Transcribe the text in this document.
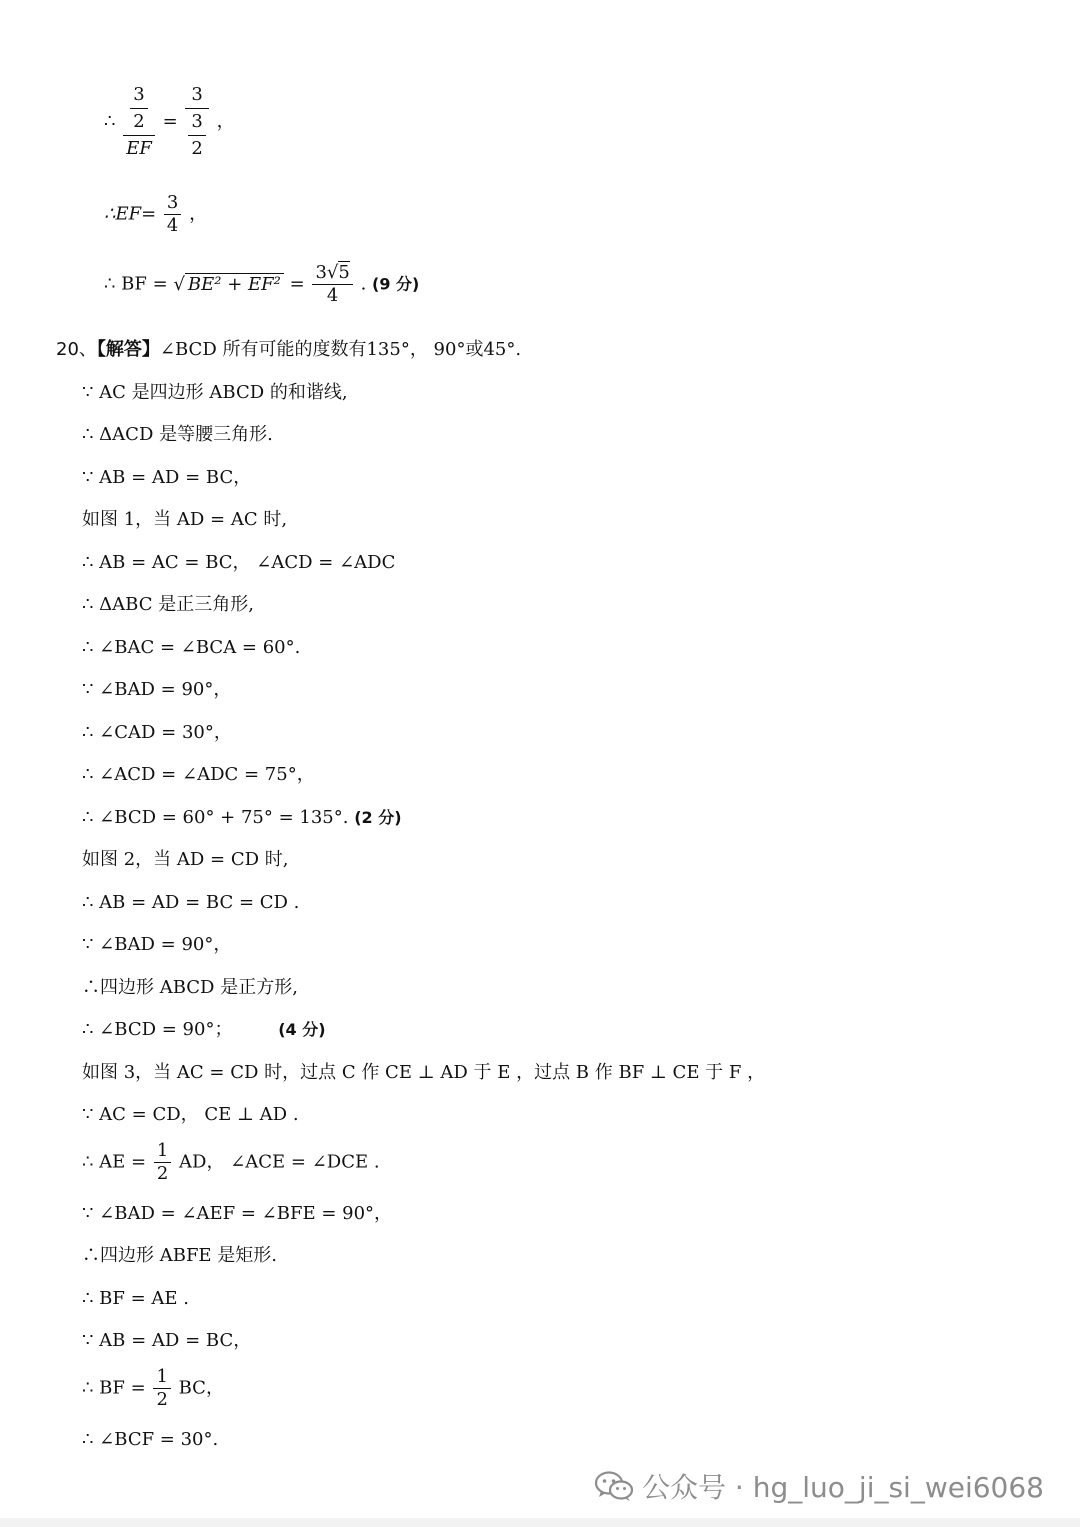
∴ $\frac{\frac{3}{2}}{EF} = \frac{3}{\frac{3}{2}}$ ，
∴EF= $\frac{3}{4}$ ，
∴ BF = √ $BE^2 + EF^2 = \frac{3√5}{4}$ . (9 分)
20、【解答】∠BCD 所有可能的度数有135°， 90°或45°.
∵ AC 是四边形 ABCD 的和谐线,
∴ ΔACD 是等腰三角形.
∵ AB = AD = BC，
如图 1，当 AD = AC 时,
∴ AB = AC = BC， ∠ACD = ∠ADC
∴ ΔABC 是正三角形,
∴ ∠BAC = ∠BCA = 60°.
∵ ∠BAD = 90°，
∴ ∠CAD = 30°，
∴ ∠ACD = ∠ADC = 75°，
∴ ∠BCD = 60° + 75° = 135°. (2 分)
如图 2，当 AD = CD 时,
∴ AB = AD = BC = CD .
∵ ∠BAD = 90°，
∴四边形 ABCD 是正方形,
∴ ∠BCD = 90°；	(4 分)
如图 3，当 AC = CD 时，过点 C 作 CE ⊥ AD 于 E ，过点 B 作 BF ⊥ CE 于 F ，
∵ AC = CD， CE ⊥ AD .
∴ AE = $\frac{1}{2}$ AD， ∠ACE = ∠DCE .
∵ ∠BAD = ∠AEF = ∠BFE = 90°，
∴四边形 ABFE 是矩形.
∴ BF = AE .
∵ AB = AD = BC，
∴ BF = $\frac{1}{2}$ BC，
∴ ∠BCF = 30°.
公众号 · hg_luo_ji_si_wei6068
